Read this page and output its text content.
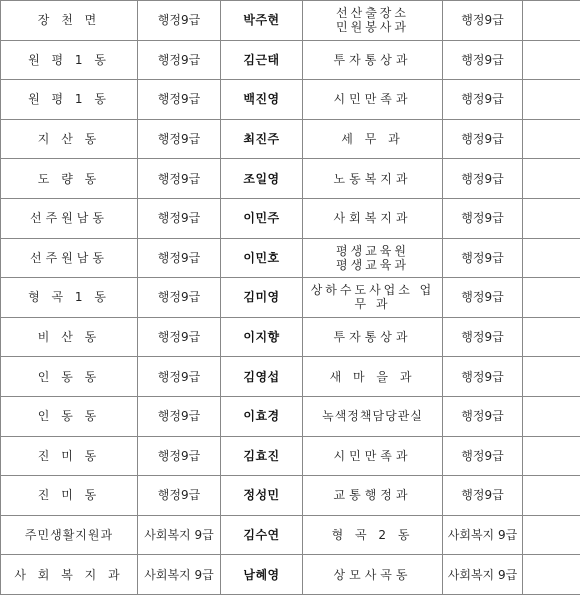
장 천 면	행정9급	박주현	선산출장소 민원봉사과	행정9급	
원 평 1 동	행정9급	김근태	투자통상과	행정9급	
원 평 1 동	행정9급	백진영	시민만족과	행정9급	
지 산 동	행정9급	최진주	세 무 과	행정9급	
도 량 동	행정9급	조일영	노동복지과	행정9급	
선주원남동	행정9급	이민주	사회복지과	행정9급	
선주원남동	행정9급	이민호	평생교육원 평생교육과	행정9급	
형 곡 1 동	행정9급	김미영	상하수도사업소 업 무 과	행정9급	
비 산 동	행정9급	이지향	투자통상과	행정9급	
인 동 동	행정9급	김영섭	새 마 을 과	행정9급	
인 동 동	행정9급	이효경	녹색정책담당관실	행정9급	
진 미 동	행정9급	김효진	시민만족과	행정9급	
진 미 동	행정9급	정성민	교통행정과	행정9급	
주민생활지원과	사회복지 9급	김수연	형 곡 2 동	사회복지 9급	
사 회 복 지 과	사회복지 9급	남혜영	상모사곡동	사회복지 9급	
